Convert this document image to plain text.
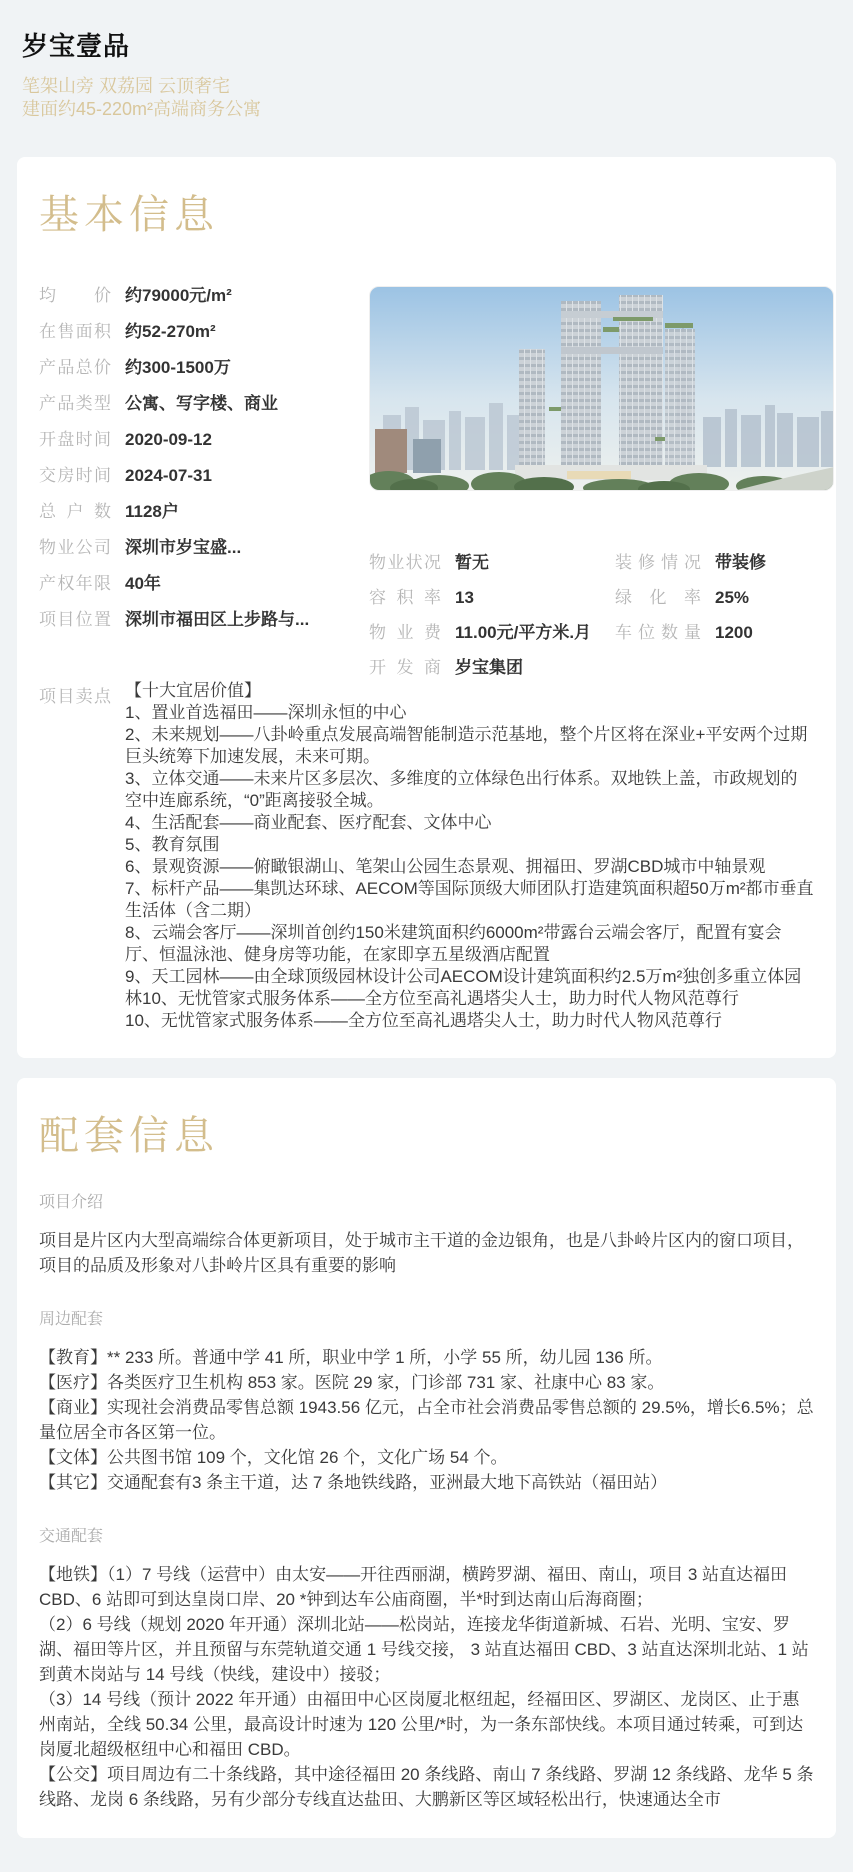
岁宝壹品
笔架山旁 双荔园 云顶奢宅
建面约45-220m²高端商务公寓
基本信息
均价 约79000元/m²
在售面积 约52-270m²
产品总价 约300-1500万
产品类型 公寓、写字楼、商业
开盘时间 2020-09-12
交房时间 2024-07-31
总户数 1128户
物业公司 深圳市岁宝盛...
产权年限 40年
项目位置 深圳市福田区上步路与...
物业状况 暂无	装修情况 带装修
容积率 13	绿化率 25%
物业费 11.00元/平方米.月	车位数量 1200
开发商 岁宝集团
项目卖点 【十大宜居价值】

1、置业首选福田——深圳永恒的中心

2、未来规划——八卦岭重点发展高端智能制造示范基地，整个片区将在深业+平安两个过期巨头统筹下加速发展，未来可期。

3、立体交通——未来片区多层次、多维度的立体绿色出行体系。双地铁上盖，市政规划的空中连廊系统，“0”距离接驳全城。

4、生活配套——商业配套、医疗配套、文体中心

5、教育氛围

6、景观资源——俯瞰银湖山、笔架山公园生态景观、拥福田、罗湖CBD城市中轴景观

7、标杆产品——集凯达环球、AECOM等国际顶级大师团队打造建筑面积超50万m²都市垂直生活体（含二期）

8、云端会客厅——深圳首创约150米建筑面积约6000m²带露台云端会客厅，配置有宴会厅、恒温泳池、健身房等功能，在家即享五星级酒店配置

9、天工园林——由全球顶级园林设计公司AECOM设计建筑面积约2.5万m²独创多重立体园林10、无忧管家式服务体系——全方位至高礼遇塔尖人士，助力时代人物风范尊行

10、无忧管家式服务体系——全方位至高礼遇塔尖人士，助力时代人物风范尊行

配套信息
项目介绍

项目是片区内大型高端综合体更新项目，处于城市主干道的金边银角，也是八卦岭片区内的窗口项目，项目的品质及形象对八卦岭片区具有重要的影响

周边配套

【教育】** 233 所。普通中学 41 所，职业中学 1 所，小学 55 所，幼儿园 136 所。

【医疗】各类医疗卫生机构 853 家。医院 29 家，门诊部 731 家、社康中心 83 家。

【商业】实现社会消费品零售总额 1943.56 亿元，占全市社会消费品零售总额的 29.5%，增长6.5%；总量位居全市各区第一位。

【文体】公共图书馆 109 个，文化馆 26 个，文化广场 54 个。

【其它】交通配套有3 条主干道，达 7 条地铁线路，亚洲最大地下高铁站（福田站）

交通配套

【地铁】（1）7 号线（运营中）由太安——开往西丽湖，横跨罗湖、福田、南山，项目 3 站直达福田 CBD、6 站即可到达皇岗口岸、20 *钟到达车公庙商圈，半*时到达南山后海商圈；

（2）6 号线（规划 2020 年开通）深圳北站——松岗站，连接龙华街道新城、石岩、光明、宝安、罗湖、福田等片区，并且预留与东莞轨道交通 1 号线交接， 3 站直达福田 CBD、3 站直达深圳北站、1 站到黄木岗站与 14 号线（快线，建设中）接驳；

（3）14 号线（预计 2022 年开通）由福田中心区岗厦北枢纽起，经福田区、罗湖区、龙岗区、止于惠州南站，全线 50.34 公里，最高设计时速为 120 公里/*时，为一条东部快线。本项目通过转乘，可到达岗厦北超级枢纽中心和福田 CBD。

【公交】项目周边有二十条线路，其中途径福田 20 条线路、南山 7 条线路、罗湖 12 条线路、龙华 5 条线路、龙岗 6 条线路，另有少部分专线直达盐田、大鹏新区等区域轻松出行，快速通达全市
